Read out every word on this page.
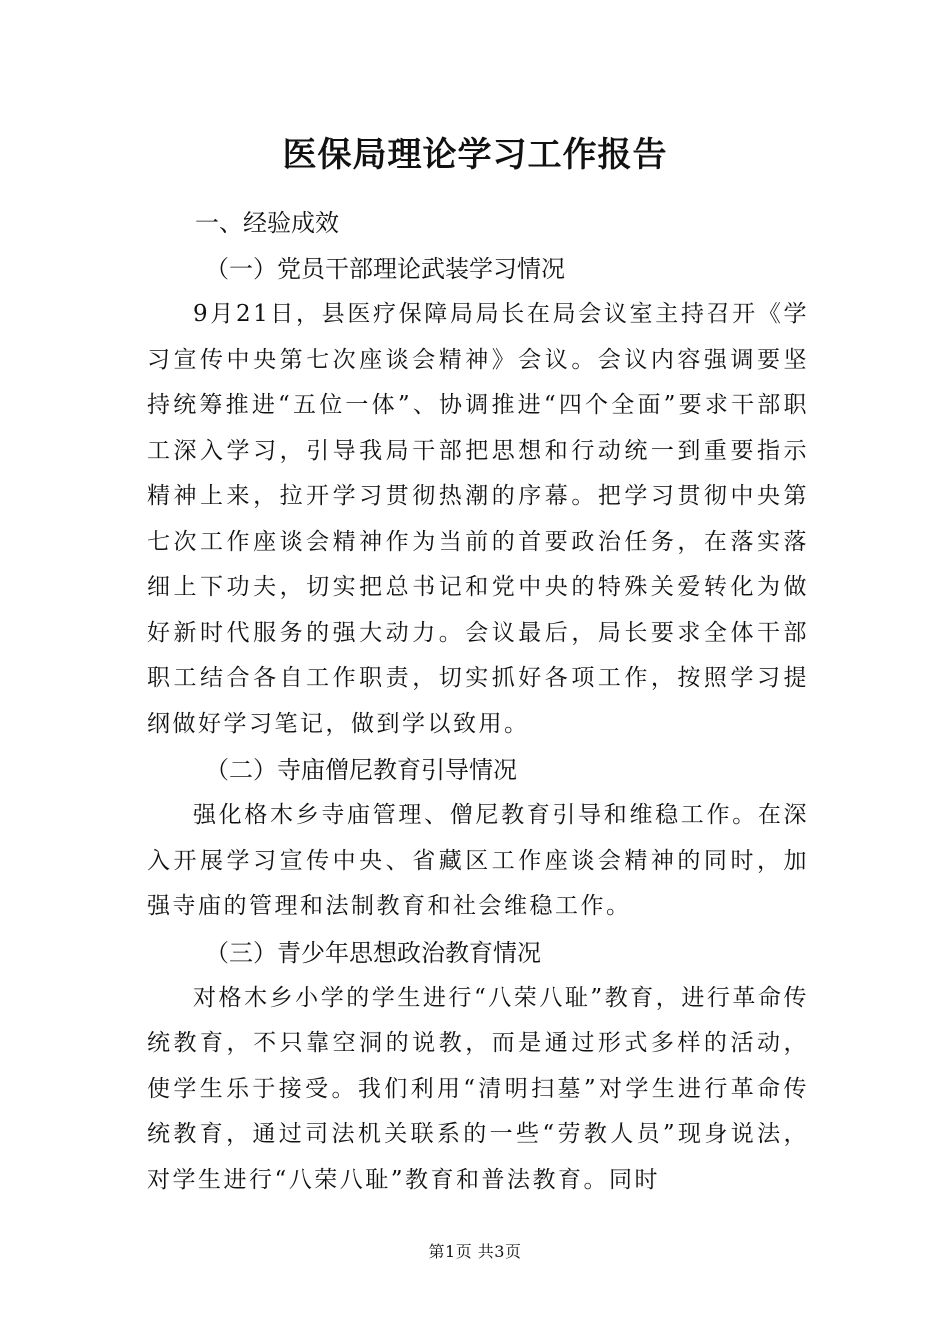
医保局理论学习工作报告
一、经验成效
（一）党员干部理论武装学习情况

9月21日，县医疗保障局局长在局会议室主持召开《学习宣传中央第七次座谈会精神》会议。会议内容强调要坚持统筹推进“五位一体”、协调推进“四个全面”要求干部职工深入学习，引导我局干部把思想和行动统一到重要指示精神上来，拉开学习贯彻热潮的序幕。把学习贯彻中央第七次工作座谈会精神作为当前的首要政治任务，在落实落细上下功夫，切实把总书记和党中央的特殊关爱转化为做好新时代服务的强大动力。会议最后，局长要求全体干部职工结合各自工作职责，切实抓好各项工作，按照学习提纲做好学习笔记，做到学以致用。

（二）寺庙僧尼教育引导情况

强化格木乡寺庙管理、僧尼教育引导和维稳工作。在深入开展学习宣传中央、省藏区工作座谈会精神的同时，加强寺庙的管理和法制教育和社会维稳工作。

（三）青少年思想政治教育情况

对格木乡小学的学生进行“八荣八耻”教育，进行革命传统教育，不只靠空洞的说教，而是通过形式多样的活动，使学生乐于接受。我们利用“清明扫墓”对学生进行革命传统教育，通过司法机关联系的一些“劳教人员”现身说法，对学生进行“八荣八耻”教育和普法教育。同时

第1页 共3页
